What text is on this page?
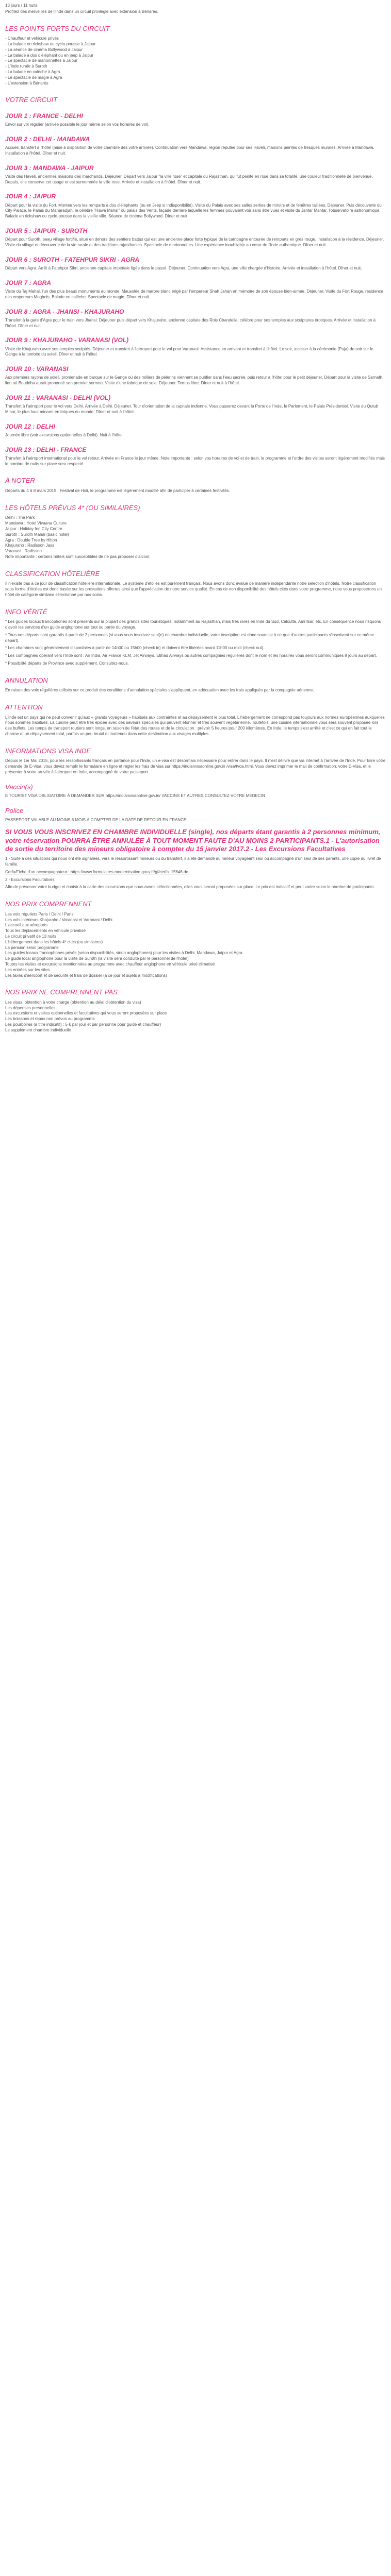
13 jours / 11 nuits

Profitez des merveilles de l'Inde dans un circuit privilégié avec extension à Bénarès.

LES POINTS FORTS DU CIRCUIT
- Chauffeur et véhicule privés
- La balade en rickshaw ou cyclo-pousse à Jaipur
- La séance de cinéma Bollywood à Jaipur
- La balade à dos d'éléphant ou en jeep à Jaipur
- Le spectacle de marionnettes à Jaipur
- L'Inde rurale à Suroth
- La balade en calèche à Agra
- Le spectacle de magie à Agra
- L'extension à Bénarès
VOTRE CIRCUIT
JOUR 1 : FRANCE - DELHI

Envol sur vol régulier (arrivée possible le jour même selon vos horaires de vol).

JOUR 2 : DELHI - MANDAWA

Accueil, transfert à l'hôtel (mise à disposition de votre chambre dès votre arrivée). Continuation vers Mandawa, région réputée pour ses Haveli, maisons peintes de fresques murales. Arrivée à Mandawa. Installation à l'hôtel. Dîner et nuit.

JOUR 3 : MANDAWA - JAIPUR

Visite des Haveli, anciennes maisons des marchands. Déjeuner. Départ vers Jaipur "la ville rose" et capitale du Rajasthan, qui fut peinte en rose dans sa totalité, une couleur traditionnelle de bienvenue. Depuis, elle conserve cet usage et est surnommée la ville rose. Arrivée et installation à l'hôtel. Dîner et nuit.

JOUR 4 : JAIPUR

Départ pour la visite du Fort. Montée vers les remparts à dos d'éléphants (ou en Jeep si indisponibilité). Visite du Palais avec ses salles serties de miroirs et de fenêtres taillées. Déjeuner. Puis découverte du City Palace, le Palais du Maharadjah, le célèbre "Hawa Mahal" ou palais des Vents, façade derrière laquelle les femmes pouvaient voir sans être vues et visite du Jantar Mantar, l'observatoire astronomique. Balade en rickshaw ou cyclo-pousse dans la vieille ville. Séance de cinéma Bollywood. Dîner et nuit.

JOUR 5 : JAIPUR - SUROTH

Départ pour Suroth, beau village fortifié, situé en dehors des sentiers battus qui est une ancienne place forte typique de la campagne entourée de remparts en grès rouge. Installation à la résidence. Déjeuner. Visite du village et découverte de la vie rurale et des traditions rajasthanies. Spectacle de marionnettes. Une expérience inoubliable au cœur de l'Inde authentique. Dîner et nuit.

JOUR 6 : SUROTH - FATEHPUR SIKRI - AGRA

Départ vers Agra. Arrêt à Fatehpur Sikri, ancienne capitale impériale figée dans le passé. Déjeuner. Continuation vers Agra, une ville chargée d'histoire. Arrivée et installation à l'hôtel. Dîner et nuit.

JOUR 7 : AGRA

Visite du Taj Mahal, l'un des plus beaux monuments au monde. Mausolée de marbre blanc érigé par l'empereur Shah Jahan en mémoire de son épouse bien-aimée. Déjeuner. Visite du Fort Rouge, résidence des empereurs Moghols. Balade en calèche. Spectacle de magie. Dîner et nuit.

JOUR 8 : AGRA - JHANSI - KHAJURAHO

Transfert à la gare d'Agra pour le train vers Jhansi. Déjeuner puis départ vers Khajuraho, ancienne capitale des Rois Chandella, célèbre pour ses temples aux sculptures érotiques. Arrivée et installation à l'hôtel. Dîner et nuit.

JOUR 9 : KHAJURAHO - VARANASI (VOL)

Visite de Khajuraho avec ses temples sculptés. Déjeuner et transfert à l'aéroport pour le vol pour Varanasi. Assistance en arrivant et transfert à l'hôtel. Le soir, assister à la cérémonie (Puja) du soir sur le Gange à la tombée du soleil. Dîner et nuit à l'hôtel.

JOUR 10 : VARANASI

Aux premiers rayons de soleil, promenade en barque sur le Gange où des milliers de pèlerins viennent se purifier dans l'eau sacrée, puis retour à l'hôtel pour le petit déjeuner. Départ pour la visite de Sarnath, lieu où Bouddha aurait prononcé son premier sermon. Visite d'une fabrique de soie. Déjeuner. Temps libre. Dîner et nuit à l'hôtel.

JOUR 11 : VARANASI - DELHI (VOL)

Transfert à l'aéroport pour le vol vers Delhi. Arrivée à Delhi. Déjeuner. Tour d'orientation de la capitale indienne. Vous passerez devant la Porte de l'Inde, le Parlement, le Palais Présidentiel. Visite du Qutub Minar, le plus haut minaret en briques du monde. Dîner et nuit à l'hôtel.

JOUR 12 : DELHI

Journée libre (voir excursions optionnelles à Delhi). Nuit à l'hôtel.

JOUR 13 : DELHI - FRANCE

Transfert à l'aéroport international pour le vol retour. Arrivée en France le jour même. Note importante : selon vos horaires de vol et de train, le programme et l'ordre des visites seront légèrement modifiés mais le nombre de nuits sur place sera respecté.

À NOTER

Départs du 4 à 8 mars 2019 : Festival de Holi, le programme est légèrement modifié afin de participer à certaines festivités.

LES HÔTELS PRÉVUS 4* (OU SIMILAIRES)
Delhi : The Park
Mandawa : Hotel Vivaana Culture
Jaipur : Holiday Inn City Centre
Suroth : Suroth Mahal (basic hotel)
Agra : Double Tree by Hilton
Khajuraho : Radisson Jass
Varanasi : Radisson
Note importante : certains hôtels sont susceptibles de ne pas proposer d'alcool.
CLASSIFICATION HÔTELIÈRE

Il n'existe pas à ce jour de classification hôtelière internationale. Le système d'étoiles est purement français. Nous avons donc évalué de manière indépendante notre sélection d'hôtels. Notre classification sous forme d'étoiles est donc basée sur les prestations offertes ainsi que l'appréciation de notre service qualité. En cas de non disponibilité des hôtels cités dans votre programme, nous vous proposerons un hôtel de catégorie similaire sélectionné par nos soins.

INFO VÉRITÉ

* Les guides locaux francophones sont présents sur la plupart des grands sites touristiques, notamment au Rajasthan, mais très rares en Inde du Sud, Calcutta, Amritsar, etc. En conséquence nous risquons d'avoir les services d'un guide anglophone sur tout ou partie du voyage.

* Tous nos départs sont garantis à partir de 2 personnes (si vous vous inscrivez seul(e) en chambre individuelle, votre inscription est donc soumise à ce que d'autres participants s'inscrivent sur ce même départ).

* Les chambres sont généralement disponibles à partir de 14h00 ou 15h00 (check in) et doivent être libérées avant 11h00 ou midi (check out).

* Les compagnies opérant vers l'Inde sont : Air India, Air France KLM, Jet Airways, Etihad Airways ou autres compagnies régulières dont le nom et les horaires vous seront communiqués 8 jours au départ.

* Possibilité départs de Province avec supplément. Consultez-nous.

ANNULATION

En raison des voix régulières utilisés sur ce produit des conditions d'annulation spéciales s'appliquent, en adéquation avec les frais appliqués par la compagnie aérienne.

ATTENTION

L'Inde est un pays qui ne peut convenir qu'aux « grands voyageurs » habitués aux contraintes et au dépaysement le plus total. L'hébergement ne correspond pas toujours aux normes européennes auxquelles nous sommes habitués. La cuisine peut être très épicée avec des saveurs spéciales qui peuvent étonner et très souvent végétarienne. Toutefois, une cuisine internationale vous sera souvent proposée lors des buffets. Les temps de transport routiers sont longs, en raison de l'état des routes et de la circulation : prévoir 5 heures pour 200 kilomètres. En Inde, le temps s'est arrêté et c'est ce qui en fait tout le charme et un dépaysement total, parfois un peu brutal et inattendu dans cette destination aux visages multiples.

INFORMATIONS VISA INDE

Depuis le 1er Mai 2015, pour les ressortissants français en partance pour l'Inde, un e-visa est désormais nécessaire pour entrer dans le pays. Il n'est délivré que via internet à l'arrivée de l'Inde. Pour faire votre demande de E-Visa, vous devez remplir le formulaire en ligne et régler les frais de visa sur https://indianvisaonline.gov.in /visa/tvoa.html. Vous devez imprimer le mail de confirmation, votre E-Visa, et le présenter à votre arrivée à l'aéroport en Inde, accompagné de votre passeport.

Vaccin(s)

E TOURIST VISA OBLIGATOIRE À DEMANDER SUR https://indianvisaonline.gov.in/ VACCINS ET AUTRES CONSULTEZ VOTRE MÉDECIN

Police

PASSEPORT VALABLE AU MOINS 6 MOIS À COMPTER DE LA DATE DE RETOUR EN FRANCE

SI VOUS VOUS INSCRIVEZ EN CHAMBRE INDIVIDUELLE (single), nos départs étant garantis à 2 personnes minimum, votre réservation POURRA ÊTRE ANNULÉE À TOUT MOMENT FAUTE D'AU MOINS 2 PARTICIPANTS.1 - L'autorisation de sortie du territoire des mineurs obligatoire à compter du 15 janvier 2017.2 - Les Excursions Facultatives

1 - Suite à des situations qui nous ont été signalées, vers le ressortissant mineurs ou du transfert, il a été demandé au mineur voyageant seul ou accompagné d'un seul de ses parents, une copie du livret de famille.

Cerfa/Fiche d'un accompagnateur : https://www.formulaires.modernisation.gouv.fr/gf/cerfa_15646.do

2 - Excursions Facultatives

Afin de préserver votre budget et choisir à la carte des excursions que nous avons sélectionnées, elles vous seront proposées sur place. Le prix est indicatif et peut varier selon le nombre de participants.

NOS PRIX COMPRENNENT
Les vols réguliers Paris / Delhi / Paris
Les vols intérieurs Khajuraho / Varanasi et Varanasi / Delhi
L'accueil aux aéroports
Tous les déplacements en véhicule privatisé
Le circuit privatif de 13 nuits
L'hébergement dans les hôtels 4* cités (ou similaires)
La pension selon programme
Les guides locaux francophones privés (selon disponibilités, sinon anglophones) pour les visites à Delhi, Mandawa, Jaipur et Agra
Le guide local anglophone pour la visite de Suroth (la visite sera conduite par le personnel de l'hôtel)
Toutes les visites et excursions mentionnées au programme avec chauffeur anglophone en véhicule privé climatisé
Les entrées sur les sites
Les taxes d'aéroport et de sécurité et frais de dossier (à ce jour et sujets à modifications)
NOS PRIX NE COMPRENNENT PAS
Les visas, obtention à votre charge (obtention au délai d'obtention du visa)
Les dépenses personnelles
Les excursions et visites optionnelles et facultatives qui vous seront proposées sur place
Les boissons et repas non prévus au programme
Les pourboires (à titre indicatif) : 5 € par jour et par personne pour guide et chauffeur)
Le supplément chambre individuelle
